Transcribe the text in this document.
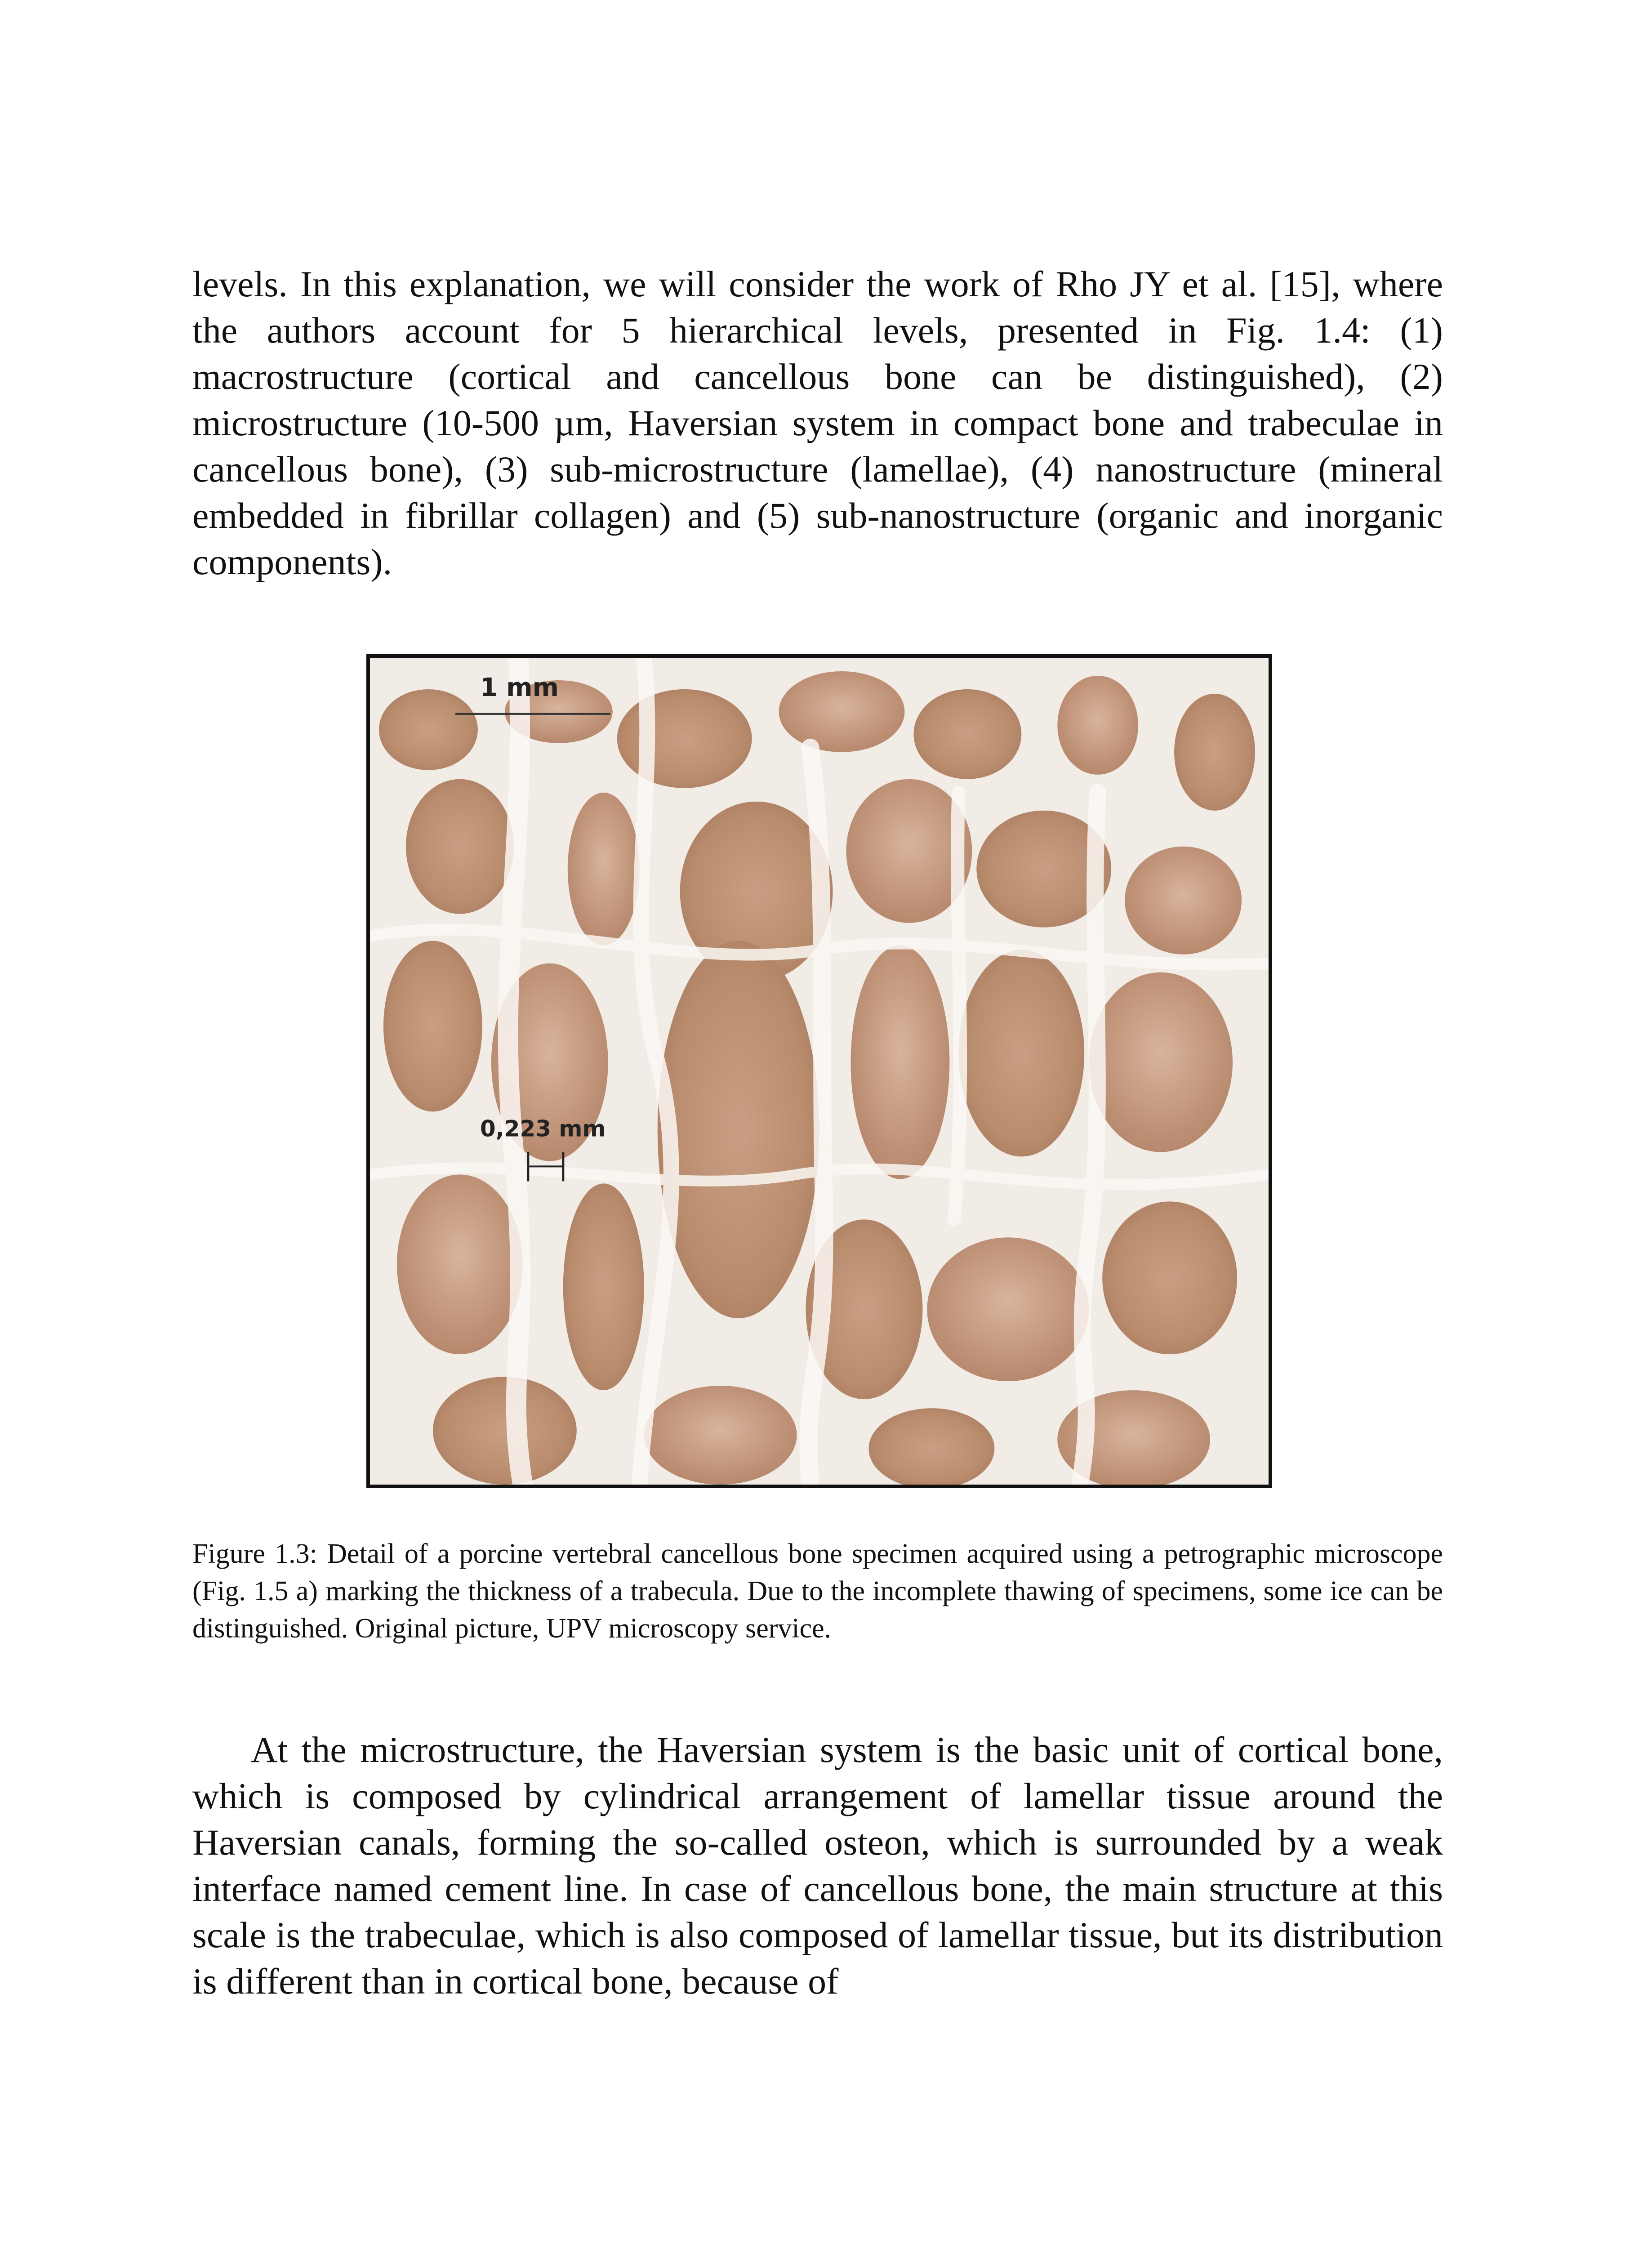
levels. In this explanation, we will consider the work of Rho JY et al. [15], where the authors account for 5 hierarchical levels, presented in Fig. 1.4: (1) macrostructure (cortical and cancellous bone can be distinguished), (2) microstructure (10-500 µm, Haversian system in compact bone and trabeculae in cancellous bone), (3) sub-microstructure (lamellae), (4) nanostructure (mineral embedded in fibrillar collagen) and (5) sub-nanostructure (organic and inorganic components).

1 mm
0,223 mm

Figure 1.3: Detail of a porcine vertebral cancellous bone specimen acquired using a petrographic microscope (Fig. 1.5 a) marking the thickness of a trabecula. Due to the incomplete thawing of specimens, some ice can be distinguished. Original picture, UPV microscopy service.

At the microstructure, the Haversian system is the basic unit of cortical bone, which is composed by cylindrical arrangement of lamellar tissue around the Haversian canals, forming the so-called osteon, which is surrounded by a weak interface named cement line. In case of cancellous bone, the main structure at this scale is the trabeculae, which is also composed of lamellar tissue, but its distribution is different than in cortical bone, because of
